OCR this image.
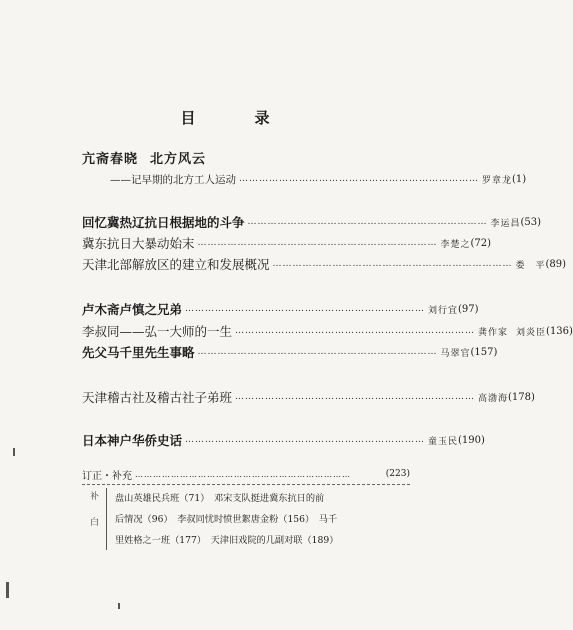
目　录
亢斋春晓 北方风云
——记早期的北方工人运动 ……………………………………………………………… 罗章龙 (1)
回忆冀热辽抗日根据地的斗争 ……………………………………………………………… 李运昌 (53)
冀东抗日大暴动始末 ……………………………………………………………… 李楚之 (72)
天津北部解放区的建立和发展概况 ……………………………………………………………… 娄　平 (89)
卢木斋卢慎之兄弟 ……………………………………………………………… 刘行宜 (97)
李叔同——弘一大师的一生 ……………………………………………………………… 龚作家 刘炎臣 (136)
先父马千里先生事略 ……………………………………………………………… 马翠官 (157)
天津稽古社及稽古社子弟班 ……………………………………………………………… 高渤海 (178)
日本神户华侨史话 ……………………………………………………………… 童玉民 (190)
订正・补充 ………………………………………………………………	(223)
补
白
盘山英雄民兵班（71）　邓宋支队挺进冀东抗日的前
后情况（96）　李叔同忧时愤世絮唐金粉（156）　马千
里姓格之一班（177）　天津旧戏院的几副对联（189）
